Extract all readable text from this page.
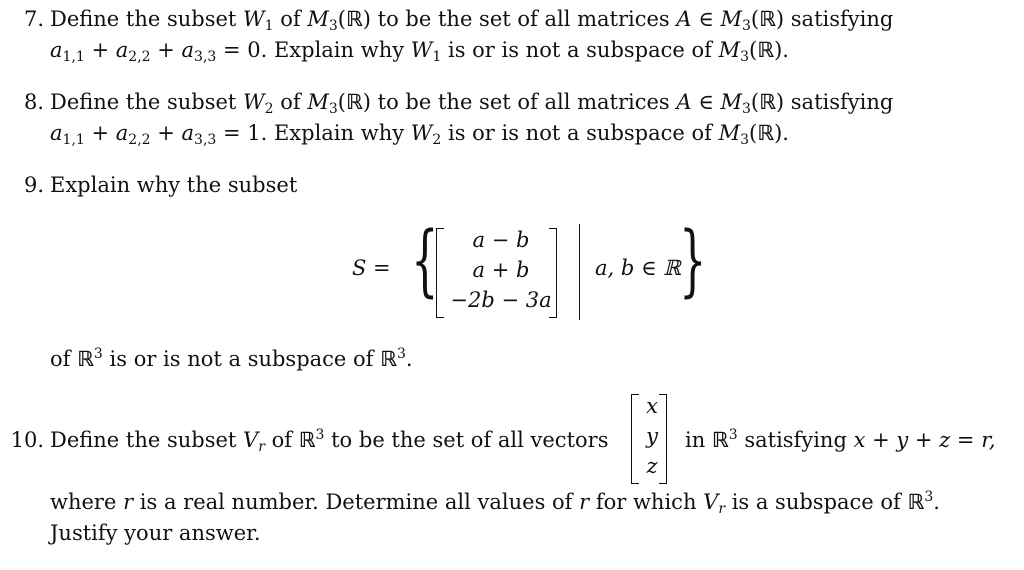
7. Define the subset $W_1$ of $M_3(ℝ)$ to be the set of all matrices A ∈ $M_3(ℝ)$ satisfying
$a_{1,1} + a_{2,2} + a_{3,3} = 0$. Explain why $W_1$ is or is not a subspace of $M_3(ℝ)$.
8. Define the subset $W_2$ of $M_3(ℝ)$ to be the set of all matrices A ∈ $M_3(ℝ)$ satisfying
$a_{1,1} + a_{2,2} + a_{3,3} = 1$. Explain why $W_2$ is or is not a subspace of $M_3(ℝ)$.
9. Explain why the subset
S = {	a − b
a + b
−2b − 3a
a, b ∈ ℝ
}
of ℝ$^3$ is or is not a subspace of ℝ$^3$.
10. Define the subset $V_r$ of ℝ$^3$ to be the set of all vectors
x
y
z
in ℝ$^3$ satisfying x + y + z = r,
where r is a real number. Determine all values of r for which $V_r$ is a subspace of ℝ$^3$.
Justify your answer.
